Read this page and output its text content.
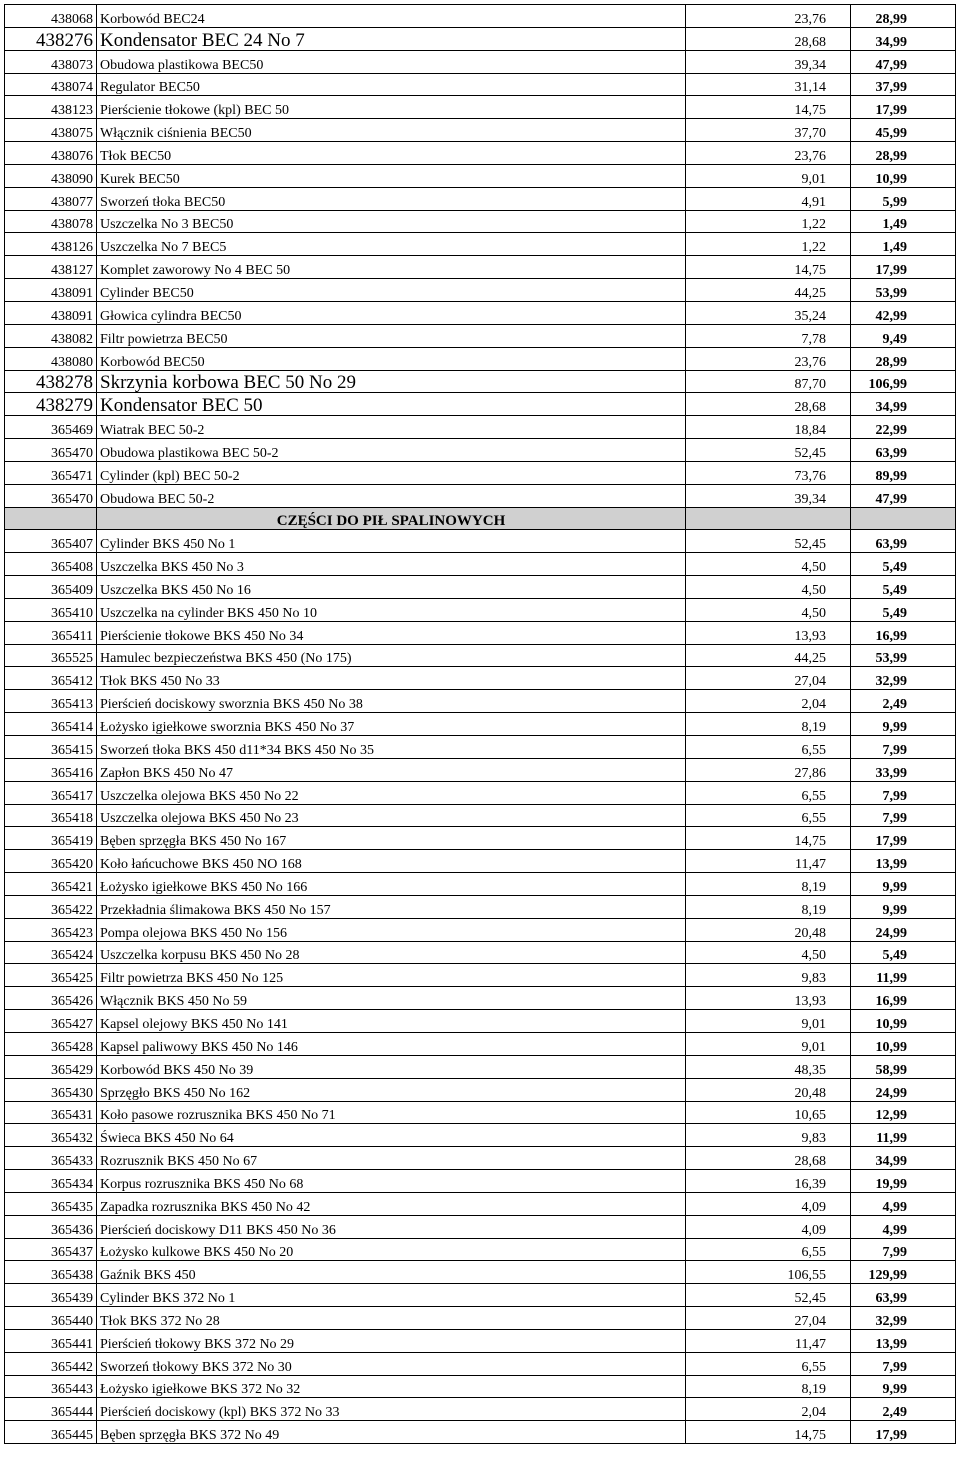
438068	Korbowód BEC24	23,76	28,99
438276	Kondensator BEC 24 No 7	28,68	34,99
438073	Obudowa plastikowa BEC50	39,34	47,99
438074	Regulator BEC50	31,14	37,99
438123	Pierścienie tłokowe (kpl) BEC 50	14,75	17,99
438075	Włącznik ciśnienia BEC50	37,70	45,99
438076	Tłok BEC50	23,76	28,99
438090	Kurek BEC50	9,01	10,99
438077	Sworzeń tłoka BEC50	4,91	5,99
438078	Uszczelka No 3 BEC50	1,22	1,49
438126	Uszczelka No 7 BEC5	1,22	1,49
438127	Komplet zaworowy No 4 BEC 50	14,75	17,99
438091	Cylinder BEC50	44,25	53,99
438091	Głowica cylindra BEC50	35,24	42,99
438082	Filtr powietrza BEC50	7,78	9,49
438080	Korbowód BEC50	23,76	28,99
438278	Skrzynia korbowa BEC 50 No 29	87,70	106,99
438279	Kondensator BEC 50	28,68	34,99
365469	Wiatrak BEC 50-2	18,84	22,99
365470	Obudowa plastikowa BEC 50-2	52,45	63,99
365471	Cylinder (kpl) BEC 50-2	73,76	89,99
365470	Obudowa BEC 50-2	39,34	47,99
	CZĘŚCI DO PIŁ SPALINOWYCH		
365407	Cylinder BKS 450 No 1	52,45	63,99
365408	Uszczelka BKS 450 No 3	4,50	5,49
365409	Uszczelka BKS 450 No 16	4,50	5,49
365410	Uszczelka na cylinder BKS 450 No 10	4,50	5,49
365411	Pierścienie tłokowe BKS 450 No 34	13,93	16,99
365525	Hamulec bezpieczeństwa BKS 450 (No 175)	44,25	53,99
365412	Tłok BKS 450 No 33	27,04	32,99
365413	Pierścień dociskowy sworznia BKS 450 No 38	2,04	2,49
365414	Łożysko igiełkowe sworznia BKS 450 No 37	8,19	9,99
365415	Sworzeń tłoka BKS 450 d11*34 BKS 450 No 35	6,55	7,99
365416	Zapłon BKS 450 No 47	27,86	33,99
365417	Uszczelka olejowa BKS 450 No 22	6,55	7,99
365418	Uszczelka olejowa BKS 450 No 23	6,55	7,99
365419	Bęben sprzęgła BKS 450 No 167	14,75	17,99
365420	Koło łańcuchowe BKS 450 NO 168	11,47	13,99
365421	Łożysko igiełkowe BKS 450 No 166	8,19	9,99
365422	Przekładnia ślimakowa BKS 450 No 157	8,19	9,99
365423	Pompa olejowa BKS 450 No 156	20,48	24,99
365424	Uszczelka korpusu BKS 450 No 28	4,50	5,49
365425	Filtr powietrza BKS 450 No 125	9,83	11,99
365426	Włącznik BKS 450 No 59	13,93	16,99
365427	Kapsel olejowy BKS 450 No 141	9,01	10,99
365428	Kapsel paliwowy BKS 450 No 146	9,01	10,99
365429	Korbowód BKS 450 No 39	48,35	58,99
365430	Sprzęgło BKS 450 No 162	20,48	24,99
365431	Koło pasowe rozrusznika BKS 450 No 71	10,65	12,99
365432	Świeca BKS 450 No 64	9,83	11,99
365433	Rozrusznik BKS 450 No 67	28,68	34,99
365434	Korpus rozrusznika BKS 450 No 68	16,39	19,99
365435	Zapadka rozrusznika BKS 450 No 42	4,09	4,99
365436	Pierścień dociskowy D11 BKS 450 No 36	4,09	4,99
365437	Łożysko kulkowe BKS 450 No 20	6,55	7,99
365438	Gaźnik BKS 450	106,55	129,99
365439	Cylinder BKS 372 No 1	52,45	63,99
365440	Tłok BKS 372 No 28	27,04	32,99
365441	Pierścień tłokowy BKS 372 No 29	11,47	13,99
365442	Sworzeń tłokowy BKS 372 No 30	6,55	7,99
365443	Łożysko igiełkowe BKS 372 No 32	8,19	9,99
365444	Pierścień dociskowy (kpl) BKS 372 No 33	2,04	2,49
365445	Bęben sprzęgła BKS 372 No 49	14,75	17,99
